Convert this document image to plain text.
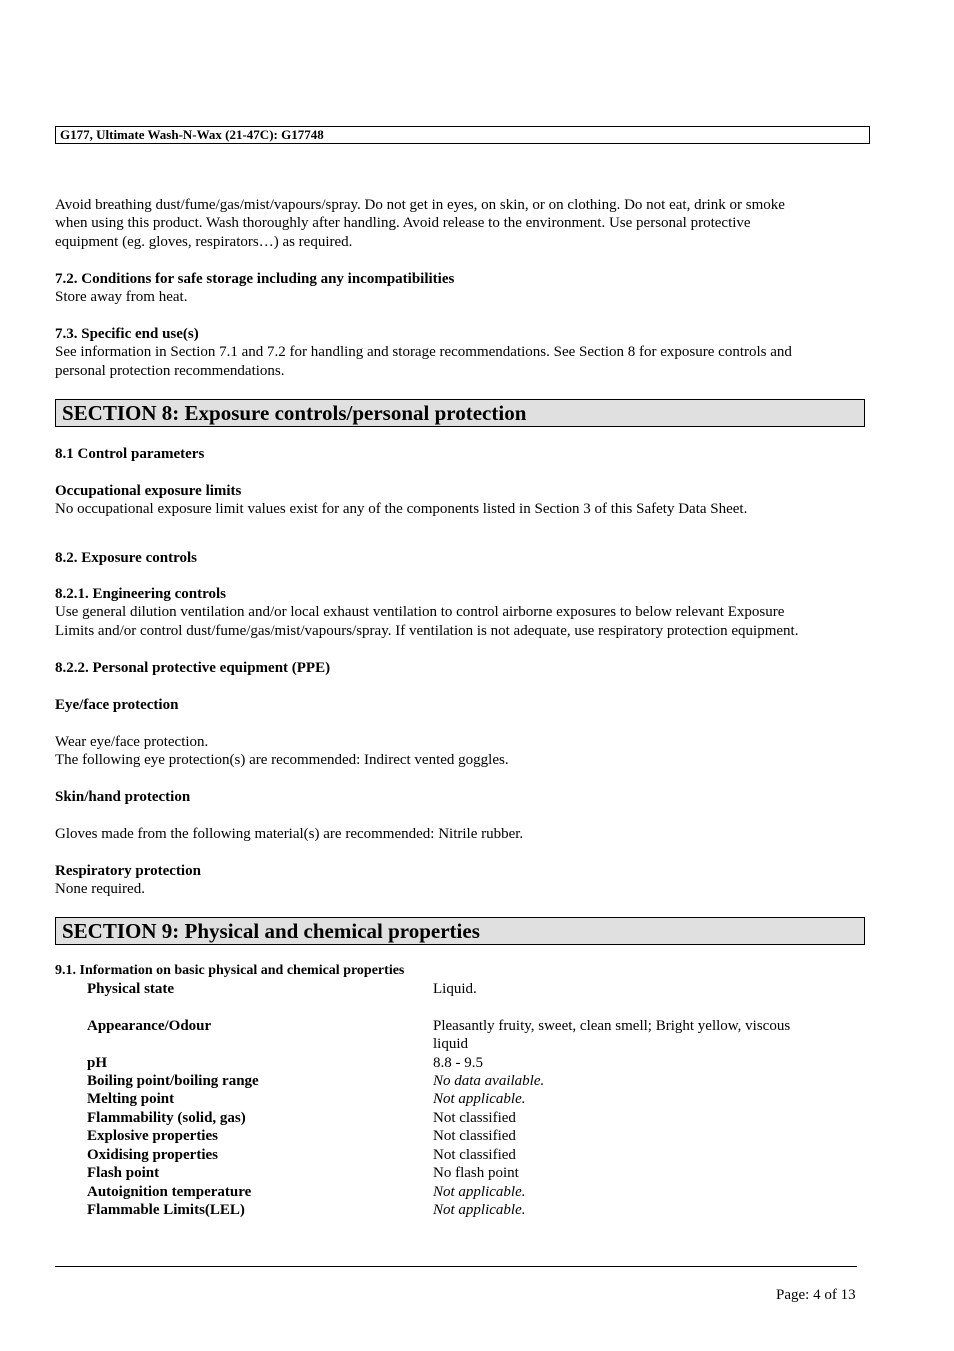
G177, Ultimate Wash-N-Wax (21-47C): G17748
Avoid breathing dust/fume/gas/mist/vapours/spray. Do not get in eyes, on skin, or on clothing. Do not eat, drink or smoke
when using this product. Wash thoroughly after handling. Avoid release to the environment. Use personal protective
equipment (eg. gloves, respirators…) as required.
7.2. Conditions for safe storage including any incompatibilities
Store away from heat.
7.3. Specific end use(s)
See information in Section 7.1 and 7.2 for handling and storage recommendations. See Section 8 for exposure controls and
personal protection recommendations.
SECTION 8: Exposure controls/personal protection
8.1 Control parameters
Occupational exposure limits
No occupational exposure limit values exist for any of the components listed in Section 3 of this Safety Data Sheet.
8.2. Exposure controls
8.2.1. Engineering controls
Use general dilution ventilation and/or local exhaust ventilation to control airborne exposures to below relevant Exposure
Limits and/or control dust/fume/gas/mist/vapours/spray. If ventilation is not adequate, use respiratory protection equipment.
8.2.2. Personal protective equipment (PPE)
Eye/face protection
Wear eye/face protection.
The following eye protection(s) are recommended: Indirect vented goggles.
Skin/hand protection
Gloves made from the following material(s) are recommended: Nitrile rubber.
Respiratory protection
None required.
SECTION 9: Physical and chemical properties
9.1. Information on basic physical and chemical properties
Physical state	Liquid.
Appearance/Odour	Pleasantly fruity, sweet, clean smell; Bright yellow, viscous
liquid
pH	8.8 - 9.5
Boiling point/boiling range	No data available.
Melting point	Not applicable.
Flammability (solid, gas)	Not classified
Explosive properties	Not classified
Oxidising properties	Not classified
Flash point	No flash point
Autoignition temperature	Not applicable.
Flammable Limits(LEL)	Not applicable.
Page: 4 of 13
